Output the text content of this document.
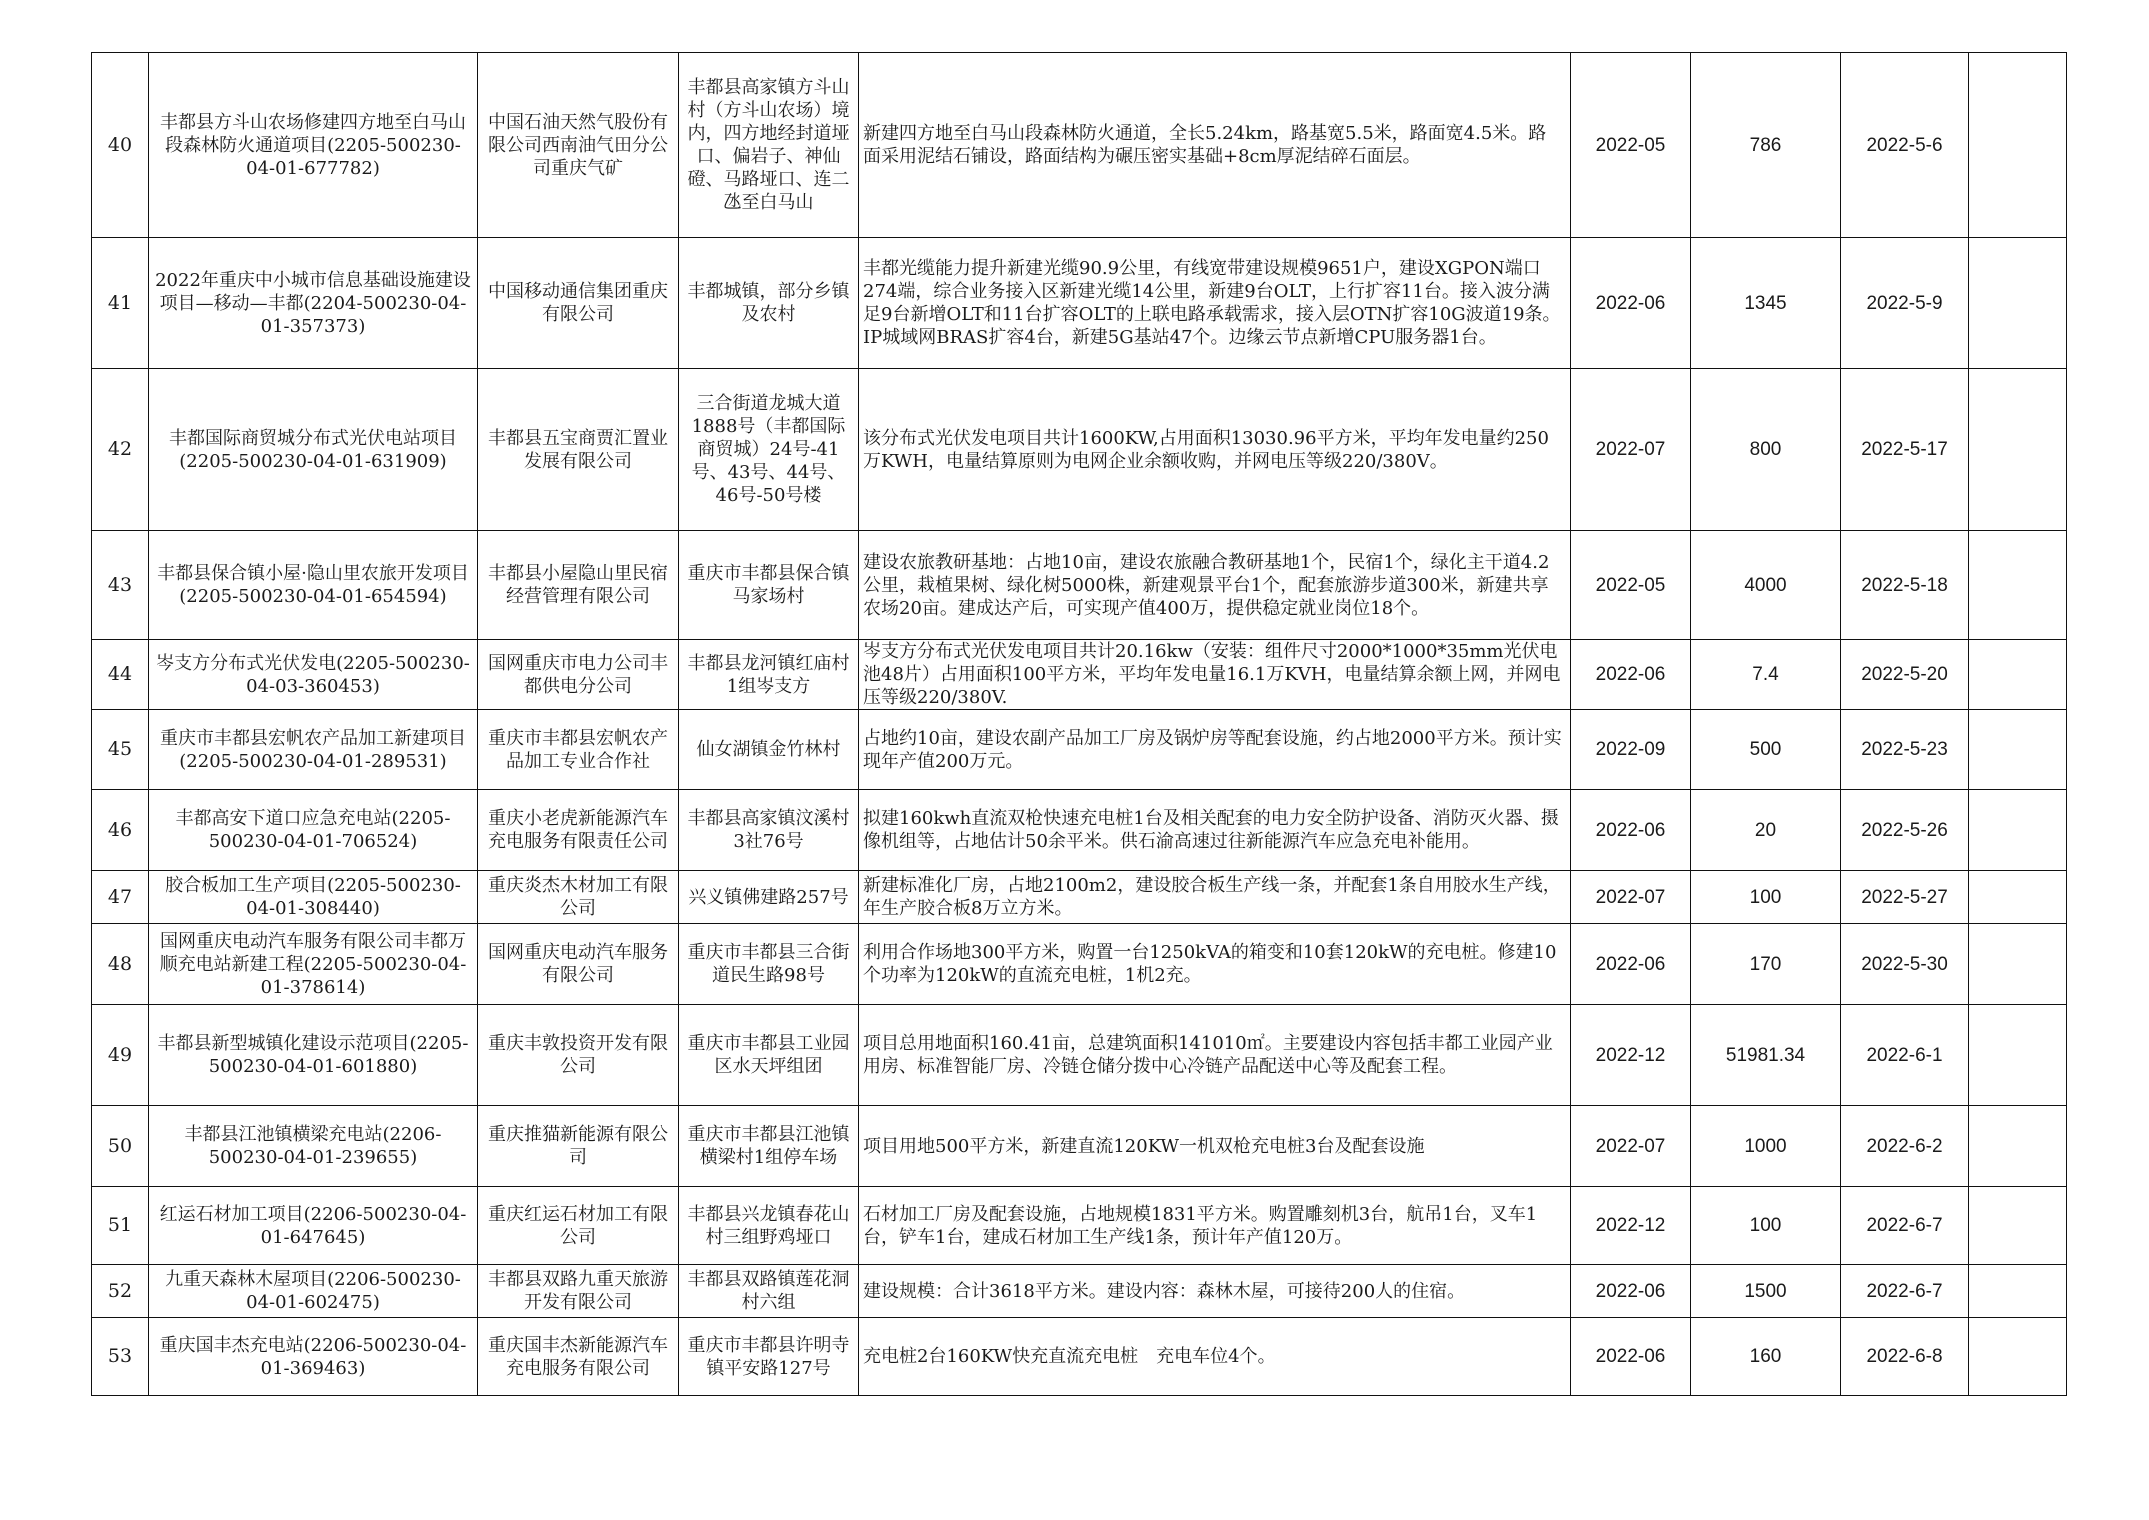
40	丰都县方斗山农场修建四方地至白马山段森林防火通道项目(2205-500230-04-01-677782)	中国石油天然气股份有限公司西南油气田分公司重庆气矿	丰都县高家镇方斗山村（方斗山农场）境内，四方地经封道垭口、偏岩子、神仙磴、马路垭口、连二氹至白马山	新建四方地至白马山段森林防火通道，全长5.24km，路基宽5.5米，路面宽4.5米。路面采用泥结石铺设，路面结构为碾压密实基础+8cm厚泥结碎石面层。	2022-05	786	2022-5-6	
41	2022年重庆中小城市信息基础设施建设项目—移动—丰都(2204-500230-04-01-357373)	中国移动通信集团重庆有限公司	丰都城镇，部分乡镇及农村	丰都光缆能力提升新建光缆90.9公里，有线宽带建设规模9651户，建设XGPON端口274端，综合业务接入区新建光缆14公里，新建9台OLT，上行扩容11台。接入波分满足9台新增OLT和11台扩容OLT的上联电路承载需求，接入层OTN扩容10G波道19条。IP城域网BRAS扩容4台，新建5G基站47个。边缘云节点新增CPU服务器1台。	2022-06	1345	2022-5-9	
42	丰都国际商贸城分布式光伏电站项目(2205-500230-04-01-631909)	丰都县五宝商贾汇置业发展有限公司	三合街道龙城大道1888号（丰都国际商贸城）24号-41号、43号、44号、46号-50号楼	该分布式光伏发电项目共计1600KW,占用面积13030.96平方米，平均年发电量约250万KWH，电量结算原则为电网企业余额收购，并网电压等级220/380V。	2022-07	800	2022-5-17	
43	丰都县保合镇小屋·隐山里农旅开发项目(2205-500230-04-01-654594)	丰都县小屋隐山里民宿经营管理有限公司	重庆市丰都县保合镇马家场村	建设农旅教研基地：占地10亩，建设农旅融合教研基地1个，民宿1个，绿化主干道4.2公里，栽植果树、绿化树5000株，新建观景平台1个，配套旅游步道300米，新建共享农场20亩。建成达产后，可实现产值400万，提供稳定就业岗位18个。	2022-05	4000	2022-5-18	
44	岑支方分布式光伏发电(2205-500230-04-03-360453)	国网重庆市电力公司丰都供电分公司	丰都县龙河镇红庙村1组岑支方	岑支方分布式光伏发电项目共计20.16kw（安装：组件尺寸2000*1000*35mm光伏电池48片）占用面积100平方米，平均年发电量16.1万KVH，电量结算余额上网，并网电压等级220/380V.	2022-06	7.4	2022-5-20	
45	重庆市丰都县宏帆农产品加工新建项目(2205-500230-04-01-289531)	重庆市丰都县宏帆农产品加工专业合作社	仙女湖镇金竹林村	占地约10亩，建设农副产品加工厂房及锅炉房等配套设施，约占地2000平方米。预计实现年产值200万元。	2022-09	500	2022-5-23	
46	丰都高安下道口应急充电站(2205-500230-04-01-706524)	重庆小老虎新能源汽车充电服务有限责任公司	丰都县高家镇汶溪村3社76号	拟建160kwh直流双枪快速充电桩1台及相关配套的电力安全防护设备、消防灭火器、摄像机组等，占地估计50余平米。供石渝高速过往新能源汽车应急充电补能用。	2022-06	20	2022-5-26	
47	胶合板加工生产项目(2205-500230-04-01-308440)	重庆炎杰木材加工有限公司	兴义镇佛建路257号	新建标准化厂房，占地2100m2，建设胶合板生产线一条，并配套1条自用胶水生产线，年生产胶合板8万立方米。	2022-07	100	2022-5-27	
48	国网重庆电动汽车服务有限公司丰都万顺充电站新建工程(2205-500230-04-01-378614)	国网重庆电动汽车服务有限公司	重庆市丰都县三合街道民生路98号	利用合作场地300平方米，购置一台1250kVA的箱变和10套120kW的充电桩。修建10个功率为120kW的直流充电桩，1机2充。	2022-06	170	2022-5-30	
49	丰都县新型城镇化建设示范项目(2205-500230-04-01-601880)	重庆丰敦投资开发有限公司	重庆市丰都县工业园区水天坪组团	项目总用地面积160.41亩，总建筑面积141010㎡。主要建设内容包括丰都工业园产业用房、标准智能厂房、冷链仓储分拨中心冷链产品配送中心等及配套工程。	2022-12	51981.34	2022-6-1	
50	丰都县江池镇横梁充电站(2206-500230-04-01-239655)	重庆推猫新能源有限公司	重庆市丰都县江池镇横梁村1组停车场	项目用地500平方米，新建直流120KW一机双枪充电桩3台及配套设施	2022-07	1000	2022-6-2	
51	红运石材加工项目(2206-500230-04-01-647645)	重庆红运石材加工有限公司	丰都县兴龙镇春花山村三组野鸡垭口	石材加工厂房及配套设施，占地规模1831平方米。购置雕刻机3台，航吊1台，叉车1台，铲车1台，建成石材加工生产线1条，预计年产值120万。	2022-12	100	2022-6-7	
52	九重天森林木屋项目(2206-500230-04-01-602475)	丰都县双路九重天旅游开发有限公司	丰都县双路镇莲花洞村六组	建设规模：合计3618平方米。建设内容：森林木屋，可接待200人的住宿。	2022-06	1500	2022-6-7	
53	重庆国丰杰充电站(2206-500230-04-01-369463)	重庆国丰杰新能源汽车充电服务有限公司	重庆市丰都县许明寺镇平安路127号	充电桩2台160KW快充直流充电桩　充电车位4个。	2022-06	160	2022-6-8	
